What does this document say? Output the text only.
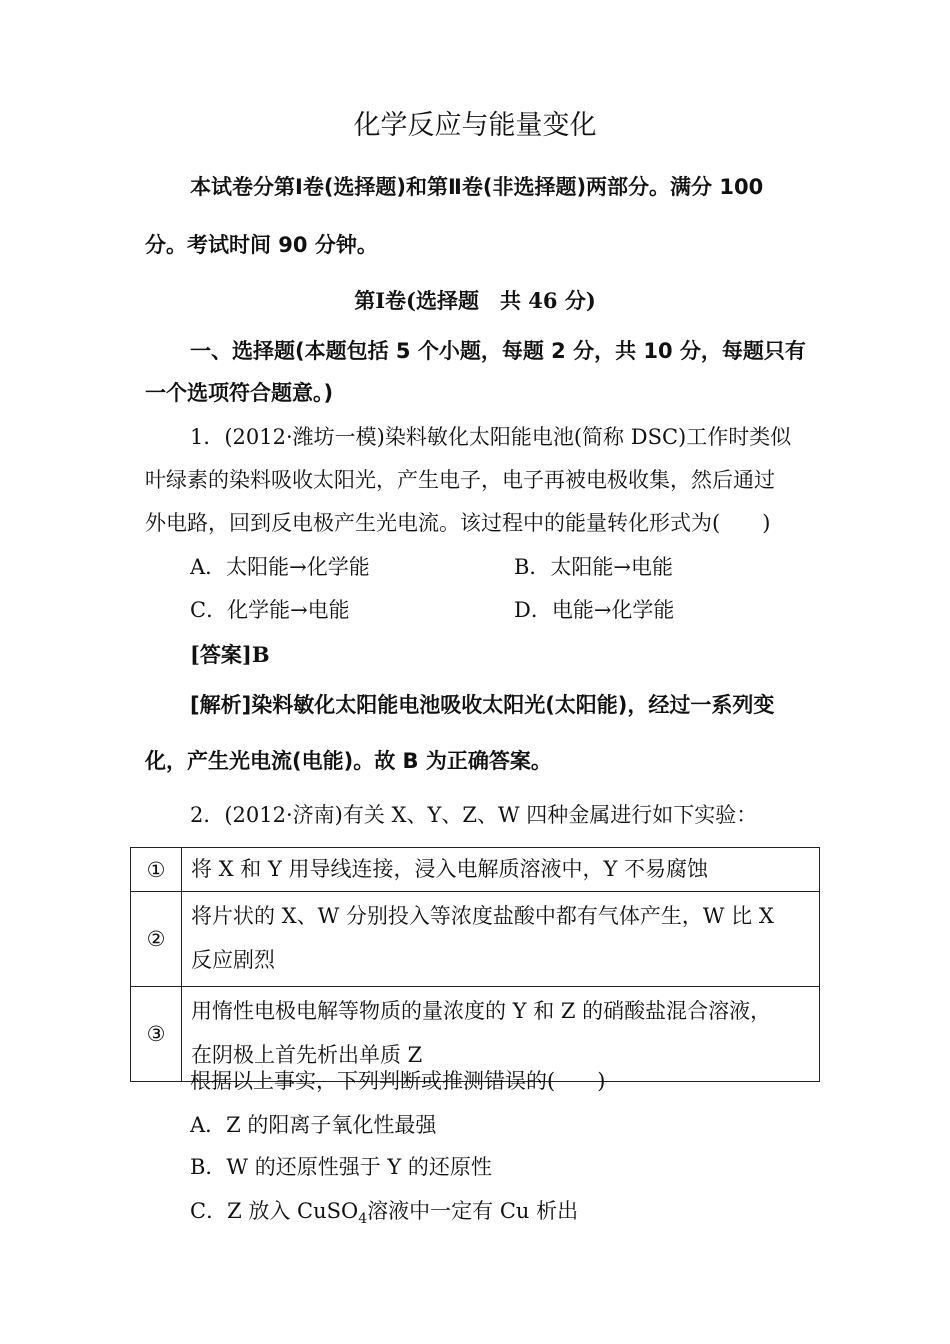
化学反应与能量变化
本试卷分第Ⅰ卷(选择题)和第Ⅱ卷(非选择题)两部分。满分 100
分。考试时间 90 分钟。
第Ⅰ卷(选择题　共 46 分)
一、选择题(本题包括 5 个小题，每题 2 分，共 10 分，每题只有
一个选项符合题意。)
1．(2012·潍坊一模)染料敏化太阳能电池(简称 DSC)工作时类似
叶绿素的染料吸收太阳光，产生电子，电子再被电极收集，然后通过
外电路，回到反电极产生光电流。该过程中的能量转化形式为(　　)
A．太阳能→化学能	B．太阳能→电能
C．化学能→电能	D．电能→化学能
[答案]B
[解析]染料敏化太阳能电池吸收太阳光(太阳能)，经过一系列变
化，产生光电流(电能)。故 B 为正确答案。
2．(2012·济南)有关 X、Y、Z、W 四种金属进行如下实验：
①	将 X 和 Y 用导线连接，浸入电解质溶液中，Y 不易腐蚀
②	将片状的 X、W 分别投入等浓度盐酸中都有气体产生，W 比 X
反应剧烈

③	用惰性电极电解等物质的量浓度的 Y 和 Z 的硝酸盐混合溶液，
在阴极上首先析出单质 Z
根据以上事实，下列判断或推测错误的(　　)
A．Z 的阳离子氧化性最强
B．W 的还原性强于 Y 的还原性
C．Z 放入 CuSO$_4$溶液中一定有 Cu 析出
